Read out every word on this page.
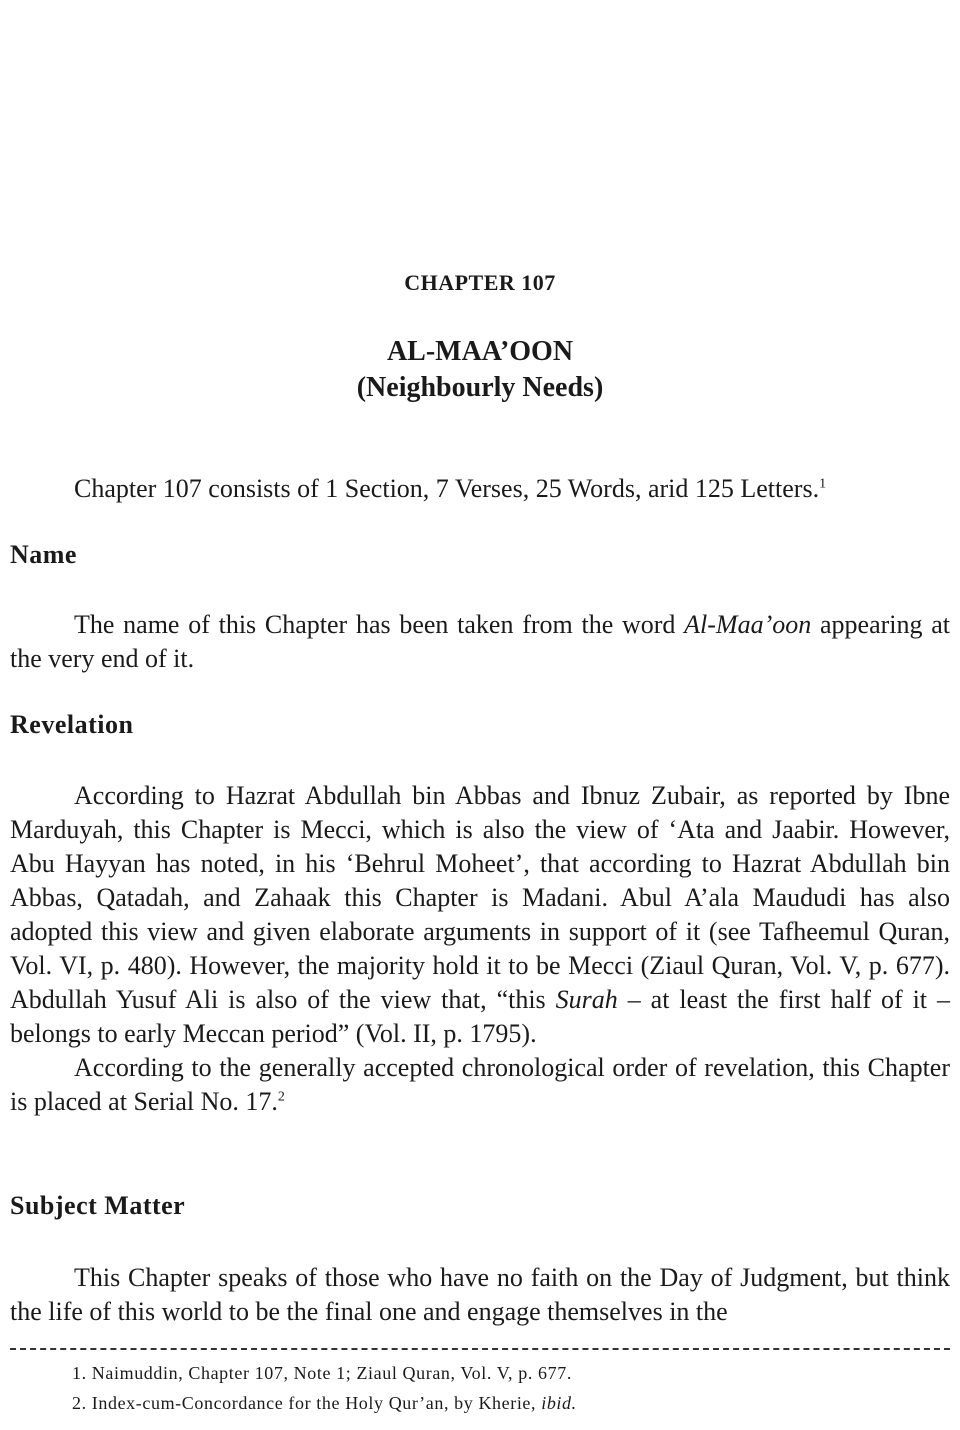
CHAPTER 107
AL-MAA’OON
(Neighbourly Needs)
Chapter 107 consists of 1 Section, 7 Verses, 25 Words, arid 125 Letters.$^1$
Name
The name of this Chapter has been taken from the word Al-Maa’oon appearing at the very end of it.
Revelation
According to Hazrat Abdullah bin Abbas and Ibnuz Zubair, as reported by Ibne Marduyah, this Chapter is Mecci, which is also the view of ‘Ata and Jaabir. However, Abu Hayyan has noted, in his ‘Behrul Moheet’, that according to Hazrat Abdullah bin Abbas, Qatadah, and Zahaak this Chapter is Madani. Abul A’ala Maududi has also adopted this view and given elaborate arguments in support of it (see Tafheemul Quran, Vol. VI, p. 480). However, the majority hold it to be Mecci (Ziaul Quran, Vol. V, p. 677). Abdullah Yusuf Ali is also of the view that, “this Surah – at least the first half of it – belongs to early Meccan period” (Vol. II, p. 1795).
According to the generally accepted chronological order of revelation, this Chapter is placed at Serial No. 17.$^2$
Subject Matter
This Chapter speaks of those who have no faith on the Day of Judgment, but think the life of this world to be the final one and engage themselves in the
1. Naimuddin, Chapter 107, Note 1; Ziaul Quran, Vol. V, p. 677.
2. Index-cum-Concordance for the Holy Qur’an, by Kherie, ibid.
